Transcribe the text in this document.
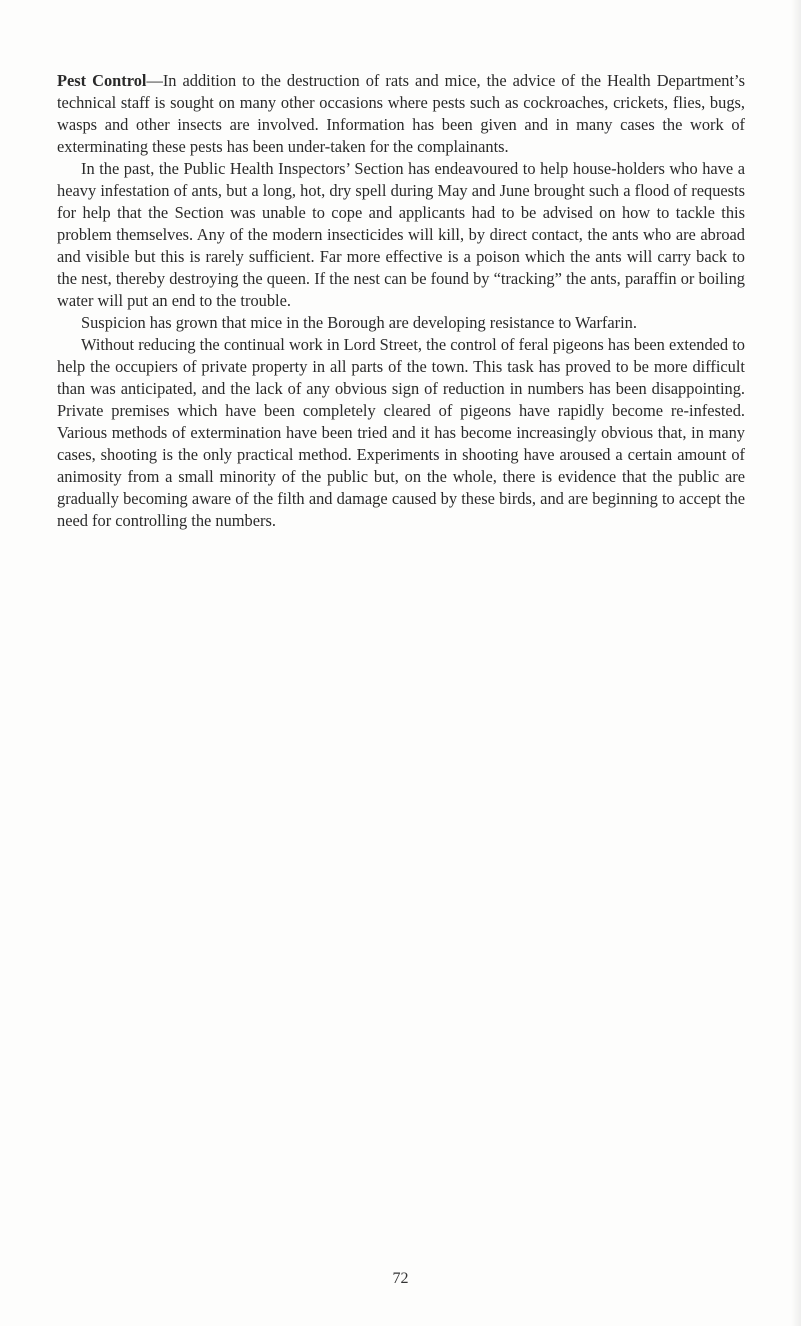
Pest Control—In addition to the destruction of rats and mice, the advice of the Health Department’s technical staff is sought on many other occasions where pests such as cockroaches, crickets, flies, bugs, wasps and other insects are involved. Information has been given and in many cases the work of exterminating these pests has been under-taken for the complainants.

In the past, the Public Health Inspectors’ Section has endeavoured to help house-holders who have a heavy infestation of ants, but a long, hot, dry spell during May and June brought such a flood of requests for help that the Section was unable to cope and applicants had to be advised on how to tackle this problem themselves. Any of the modern insecticides will kill, by direct contact, the ants who are abroad and visible but this is rarely sufficient. Far more effective is a poison which the ants will carry back to the nest, thereby destroying the queen. If the nest can be found by “tracking” the ants, paraffin or boiling water will put an end to the trouble.

Suspicion has grown that mice in the Borough are developing resistance to Warfarin.

Without reducing the continual work in Lord Street, the control of feral pigeons has been extended to help the occupiers of private property in all parts of the town. This task has proved to be more difficult than was anticipated, and the lack of any obvious sign of reduction in numbers has been disappointing. Private premises which have been completely cleared of pigeons have rapidly become re-infested. Various methods of extermination have been tried and it has become increasingly obvious that, in many cases, shooting is the only practical method. Experiments in shooting have aroused a certain amount of animosity from a small minority of the public but, on the whole, there is evidence that the public are gradually becoming aware of the filth and damage caused by these birds, and are beginning to accept the need for controlling the numbers.

72
